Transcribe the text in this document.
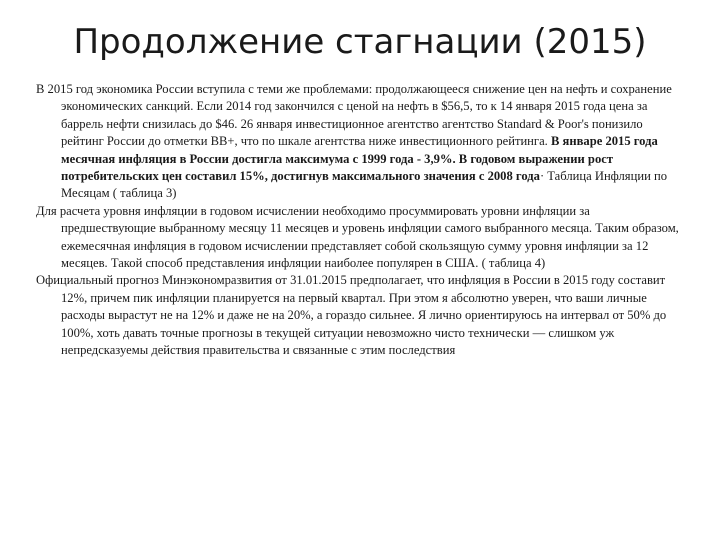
Продолжение стагнации (2015)

В 2015 год экономика России вступила с теми же проблемами: продолжающееся снижение цен на нефть и сохранение экономических санкций. Если 2014 год закончился с ценой на нефть в $56,5, то к 14 января 2015 года цена за баррель нефти снизилась до $46. 26 января инвестиционное агентство агентство Standard & Poor's понизило рейтинг России до отметки BB+, что по шкале агентства ниже инвестиционного рейтинга. В январе 2015 года месячная инфляция в России достигла максимума с 1999 года - 3,9%. В годовом выражении рост потребительских цен составил 15%, достигнув максимального значения с 2008 года· Таблица Инфляции по Месяцам ( таблица 3)

Для расчета уровня инфляции в годовом исчислении необходимо просуммировать уровни инфляции за предшествующие выбранному месяцу 11 месяцев и уровень инфляции самого выбранного месяца. Таким образом, ежемесячная инфляция в годовом исчислении представляет собой скользящую сумму уровня инфляции за 12 месяцев. Такой способ представления инфляции наиболее популярен в США. ( таблица 4)

Официальный прогноз Минэкономразвития от 31.01.2015 предполагает, что инфляция в России в 2015 году составит 12%, причем пик инфляции планируется на первый квартал. При этом я абсолютно уверен, что ваши личные расходы вырастут не на 12% и даже не на 20%, а гораздо сильнее. Я лично ориентируюсь на интервал от 50% до 100%, хоть давать точные прогнозы в текущей ситуации невозможно чисто технически — слишком уж непредсказуемы действия правительства и связанные с этим последствия
